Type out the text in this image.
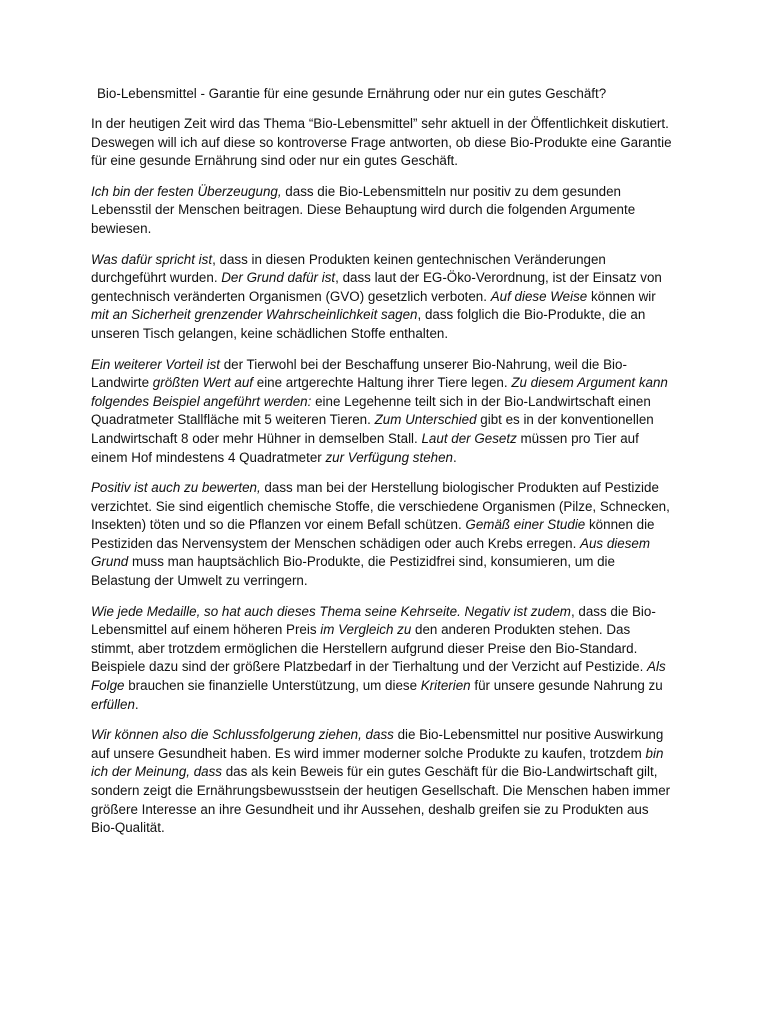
Bio-Lebensmittel - Garantie für eine gesunde Ernährung oder nur ein gutes Geschäft?

In der heutigen Zeit wird das Thema “Bio-Lebensmittel” sehr aktuell in der Öffentlichkeit diskutiert. Deswegen will ich auf diese so kontroverse Frage antworten, ob diese Bio-Produkte eine Garantie für eine gesunde Ernährung sind oder nur ein gutes Geschäft.

Ich bin der festen Überzeugung, dass die Bio-Lebensmitteln nur positiv zu dem gesunden Lebensstil der Menschen beitragen. Diese Behauptung wird durch die folgenden Argumente bewiesen.

Was dafür spricht ist, dass in diesen Produkten keinen gentechnischen Veränderungen durchgeführt wurden. Der Grund dafür ist, dass laut der EG-Öko-Verordnung, ist der Einsatz von gentechnisch veränderten Organismen (GVO) gesetzlich verboten. Auf diese Weise können wir mit an Sicherheit grenzender Wahrscheinlichkeit sagen, dass folglich die Bio-Produkte, die an unseren Tisch gelangen, keine schädlichen Stoffe enthalten.

Ein weiterer Vorteil ist der Tierwohl bei der Beschaffung unserer Bio-Nahrung, weil die Bio-Landwirte größten Wert auf eine artgerechte Haltung ihrer Tiere legen. Zu diesem Argument kann folgendes Beispiel angeführt werden: eine Legehenne teilt sich in der Bio-Landwirtschaft einen Quadratmeter Stallfläche mit 5 weiteren Tieren. Zum Unterschied gibt es in der konventionellen Landwirtschaft 8 oder mehr Hühner in demselben Stall. Laut der Gesetz müssen pro Tier auf einem Hof mindestens 4 Quadratmeter zur Verfügung stehen.

Positiv ist auch zu bewerten, dass man bei der Herstellung biologischer Produkten auf Pestizide verzichtet. Sie sind eigentlich chemische Stoffe, die verschiedene Organismen (Pilze, Schnecken, Insekten) töten und so die Pflanzen vor einem Befall schützen. Gemäß einer Studie können die Pestiziden das Nervensystem der Menschen schädigen oder auch Krebs erregen. Aus diesem Grund muss man hauptsächlich Bio-Produkte, die Pestizidfrei sind, konsumieren, um die Belastung der Umwelt zu verringern.

Wie jede Medaille, so hat auch dieses Thema seine Kehrseite. Negativ ist zudem, dass die Bio-Lebensmittel auf einem höheren Preis im Vergleich zu den anderen Produkten stehen. Das stimmt, aber trotzdem ermöglichen die Herstellern aufgrund dieser Preise den Bio-Standard. Beispiele dazu sind der größere Platzbedarf in der Tierhaltung und der Verzicht auf Pestizide. Als Folge brauchen sie finanzielle Unterstützung, um diese Kriterien für unsere gesunde Nahrung zu erfüllen.

Wir können also die Schlussfolgerung ziehen, dass die Bio-Lebensmittel nur positive Auswirkung auf unsere Gesundheit haben. Es wird immer moderner solche Produkte zu kaufen, trotzdem bin ich der Meinung, dass das als kein Beweis für ein gutes Geschäft für die Bio-Landwirtschaft gilt, sondern zeigt die Ernährungsbewusstsein der heutigen Gesellschaft. Die Menschen haben immer größere Interesse an ihre Gesundheit und ihr Aussehen, deshalb greifen sie zu Produkten aus Bio-Qualität.
